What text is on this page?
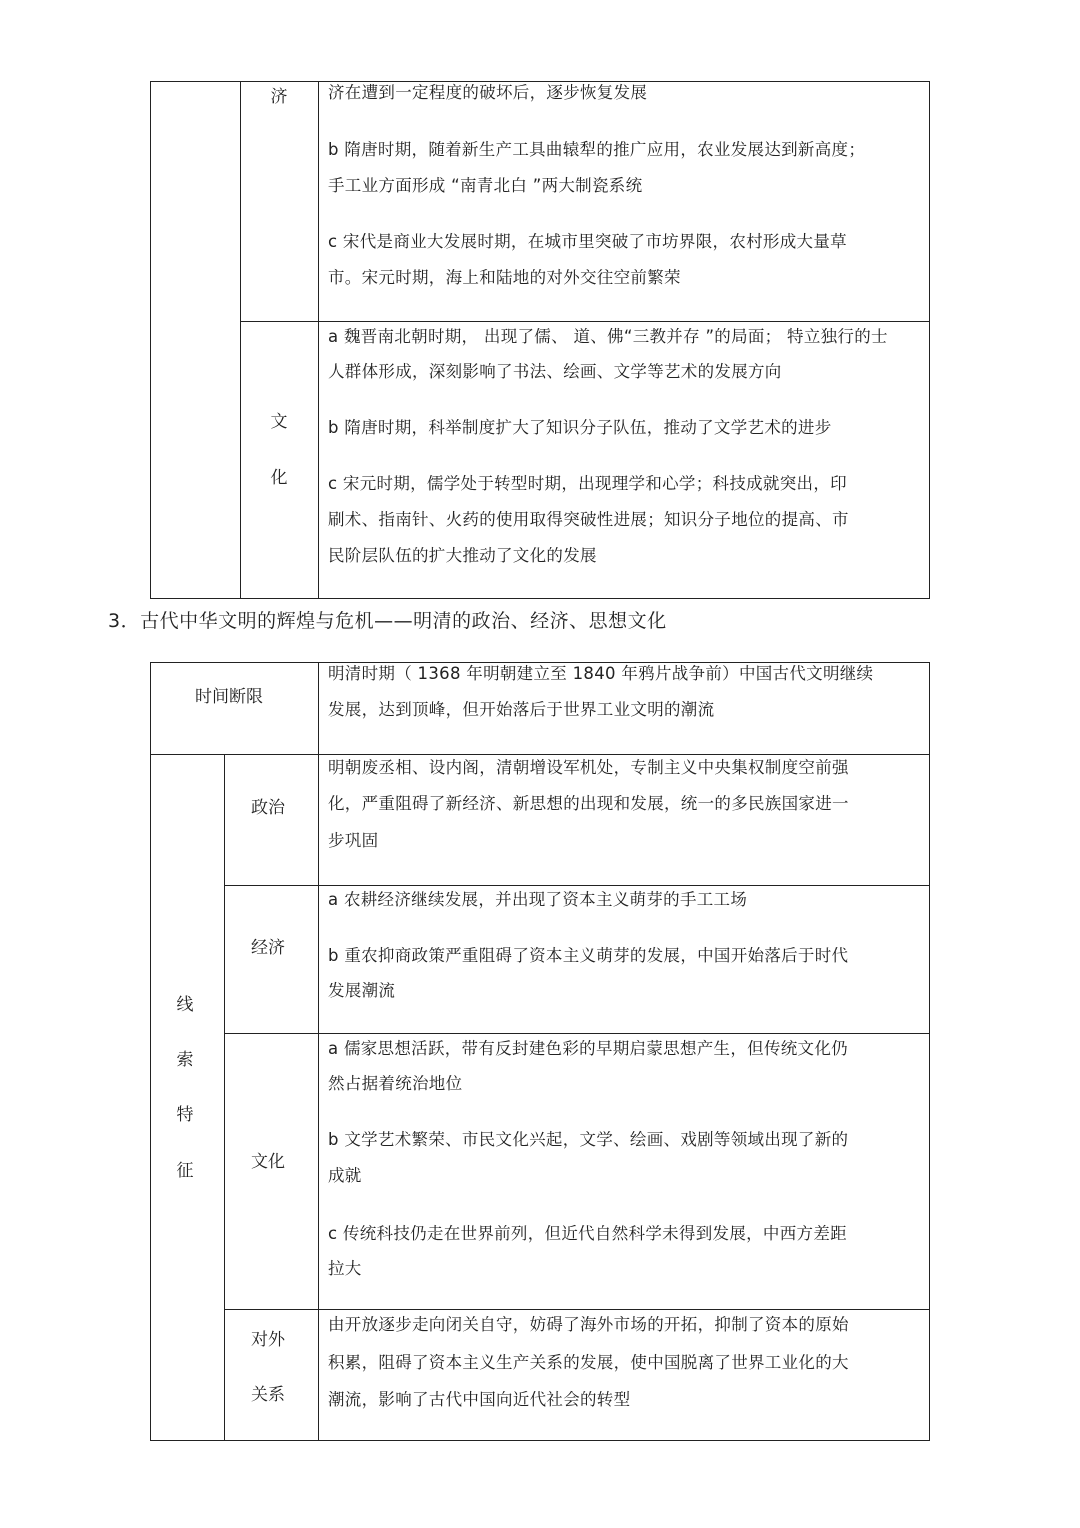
济	济在遭到一定程度的破坏后，逐步恢复发展
b 隋唐时期，随着新生产工具曲辕犁的推广应用，农业发展达到新高度；
手工业方面形成 “南青北白 ”两大制瓷系统
c 宋代是商业大发展时期，在城市里突破了市坊界限，农村形成大量草
市。宋元时期，海上和陆地的对外交往空前繁荣
文
化
a 魏晋南北朝时期， 出现了儒、 道、佛“三教并存 ”的局面； 特立独行的士
人群体形成，深刻影响了书法、绘画、文学等艺术的发展方向
b 隋唐时期，科举制度扩大了知识分子队伍，推动了文学艺术的进步
c 宋元时期，儒学处于转型时期，出现理学和心学；科技成就突出，印
刷术、指南针、火药的使用取得突破性进展；知识分子地位的提高、市
民阶层队伍的扩大推动了文化的发展
3．古代中华文明的辉煌与危机——明清的政治、经济、思想文化
时间断限
明清时期（ 1368 年明朝建立至 1840 年鸦片战争前）中国古代文明继续
发展，达到顶峰，但开始落后于世界工业文明的潮流
线
索
特
征
政治
明朝废丞相、设内阁，清朝增设军机处，专制主义中央集权制度空前强
化，严重阻碍了新经济、新思想的出现和发展，统一的多民族国家进一
步巩固
经济
a 农耕经济继续发展，并出现了资本主义萌芽的手工工场
b 重农抑商政策严重阻碍了资本主义萌芽的发展，中国开始落后于时代
发展潮流
文化
a 儒家思想活跃，带有反封建色彩的早期启蒙思想产生，但传统文化仍
然占据着统治地位
b 文学艺术繁荣、市民文化兴起，文学、绘画、戏剧等领域出现了新的
成就
c 传统科技仍走在世界前列，但近代自然科学未得到发展，中西方差距
拉大
对外
关系
由开放逐步走向闭关自守，妨碍了海外市场的开拓，抑制了资本的原始
积累，阻碍了资本主义生产关系的发展，使中国脱离了世界工业化的大
潮流，影响了古代中国向近代社会的转型
